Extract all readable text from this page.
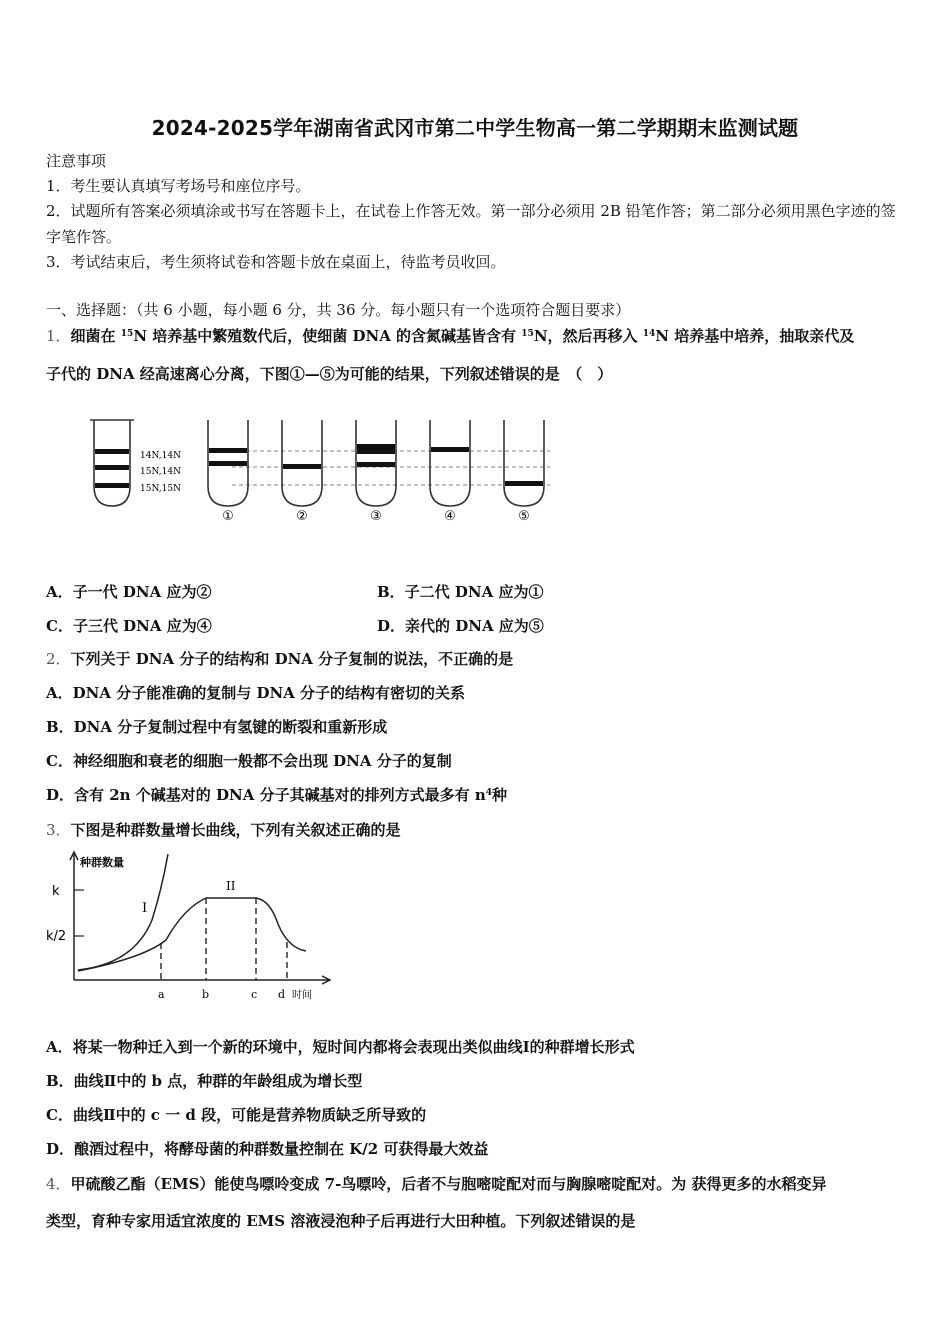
2024-2025学年湖南省武冈市第二中学生物高一第二学期期末监测试题
注意事项
1．考生要认真填写考场号和座位序号。
2．试题所有答案必须填涂或书写在答题卡上，在试卷上作答无效。第一部分必须用 2B 铅笔作答；第二部分必须用黑色字迹的签字笔作答。
3．考试结束后，考生须将试卷和答题卡放在桌面上，待监考员收回。
一、选择题：（共 6 小题，每小题 6 分，共 36 分。每小题只有一个选项符合题目要求）
1．细菌在 $^{15}$N 培养基中繁殖数代后，使细菌 DNA 的含氮碱基皆含有 $^{15}$N，然后再移入 $^{14}$N 培养基中培养，抽取亲代及
子代的 DNA 经高速离心分离，下图①—⑤为可能的结果，下列叙述错误的是　（　）
14N,14N
15N,14N
15N,15N
①	②	③	④	⑤
A．子一代 DNA 应为②	B．子二代 DNA 应为①
C．子三代 DNA 应为④	D．亲代的 DNA 应为⑤
2．下列关于 DNA 分子的结构和 DNA 分子复制的说法，不正确的是
A．DNA 分子能准确的复制与 DNA 分子的结构有密切的关系
B．DNA 分子复制过程中有氢键的断裂和重新形成
C．神经细胞和衰老的细胞一般都不会出现 DNA 分子的复制
D．含有 2n 个碱基对的 DNA 分子其碱基对的排列方式最多有 $n^4$种
3．下图是种群数量增长曲线，下列有关叙述正确的是
种群数量
k
k/2
I
II
a	b	c d 时间
A．将某一物种迁入到一个新的环境中，短时间内都将会表现出类似曲线Ⅰ的种群增长形式
B．曲线Ⅱ中的 b 点，种群的年龄组成为增长型
C．曲线Ⅱ中的 c 一 d 段，可能是营养物质缺乏所导致的
D．酿酒过程中，将酵母菌的种群数量控制在 K/2 可获得最大效益
4．甲硫酸乙酯（EMS）能使鸟嘌呤变成 7-鸟嘌呤，后者不与胞嘧啶配对而与胸腺嘧啶配对。为 获得更多的水稻变异
类型，育种专家用适宜浓度的 EMS 溶液浸泡种子后再进行大田种植。下列叙述错误的是
